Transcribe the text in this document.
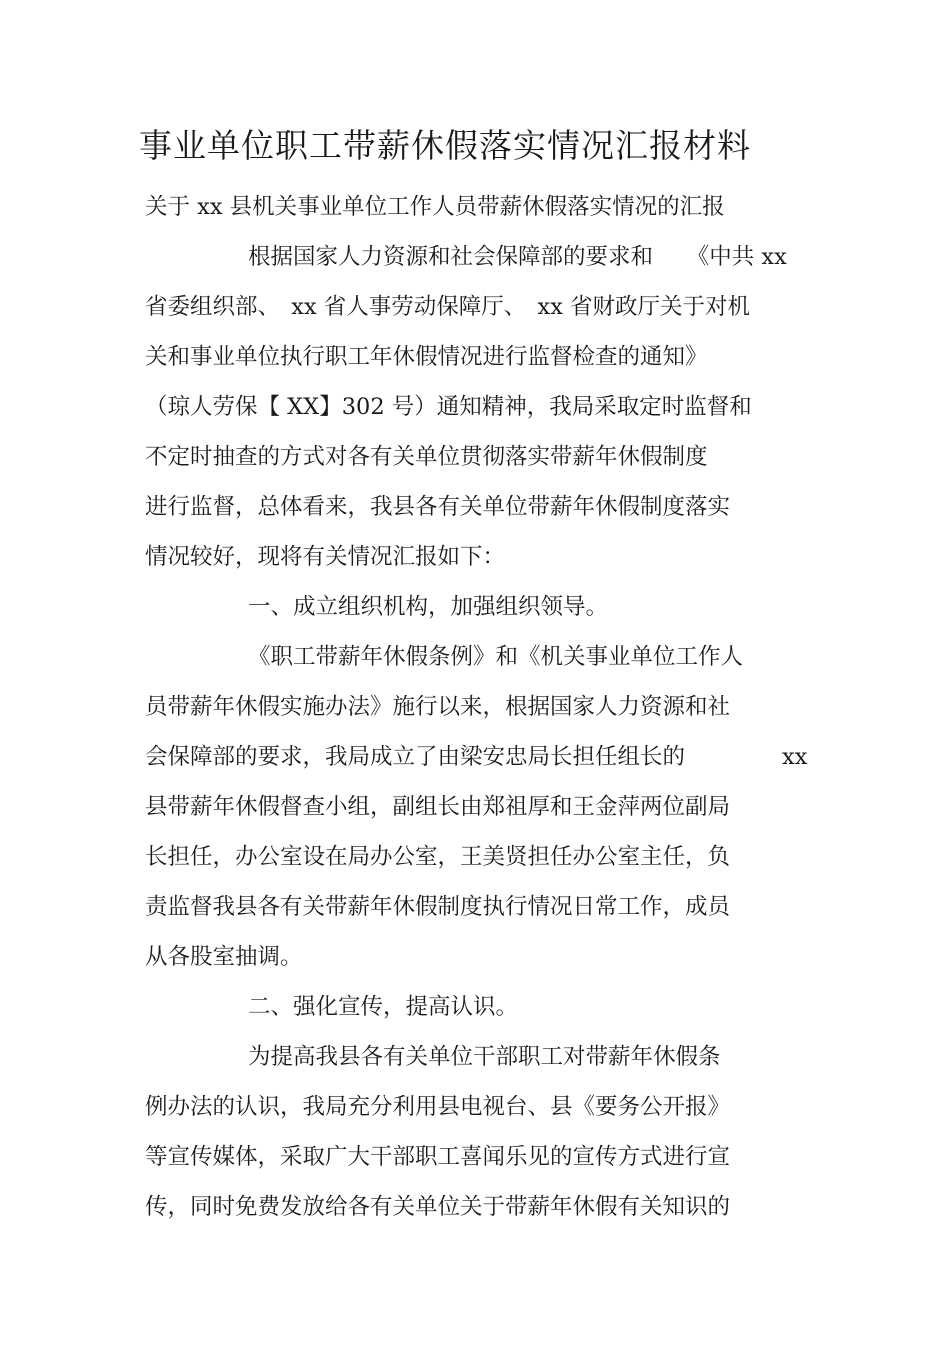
事业单位职工带薪休假落实情况汇报材料
关于 xx 县机关事业单位工作人员带薪休假落实情况的汇报
根据国家人力资源和社会保障部的要求和　　《中共 xx
省委组织部、　xx 省人事劳动保障厅、　xx 省财政厅关于对机
关和事业单位执行职工年休假情况进行监督检查的通知》
（琼人劳保【 XX】302 号）通知精神，我局采取定时监督和
不定时抽查的方式对各有关单位贯彻落实带薪年休假制度
进行监督，总体看来，我县各有关单位带薪年休假制度落实
情况较好，现将有关情况汇报如下：
一、成立组织机构，加强组织领导。
《职工带薪年休假条例》和《机关事业单位工作人
员带薪年休假实施办法》施行以来，根据国家人力资源和社
会保障部的要求，我局成立了由梁安忠局长担任组长的	xx
县带薪年休假督查小组，副组长由郑祖厚和王金萍两位副局
长担任，办公室设在局办公室，王美贤担任办公室主任，负
责监督我县各有关带薪年休假制度执行情况日常工作，成员
从各股室抽调。
二、强化宣传，提高认识。
为提高我县各有关单位干部职工对带薪年休假条
例办法的认识，我局充分利用县电视台、县《要务公开报》
等宣传媒体，采取广大干部职工喜闻乐见的宣传方式进行宣
传，同时免费发放给各有关单位关于带薪年休假有关知识的
